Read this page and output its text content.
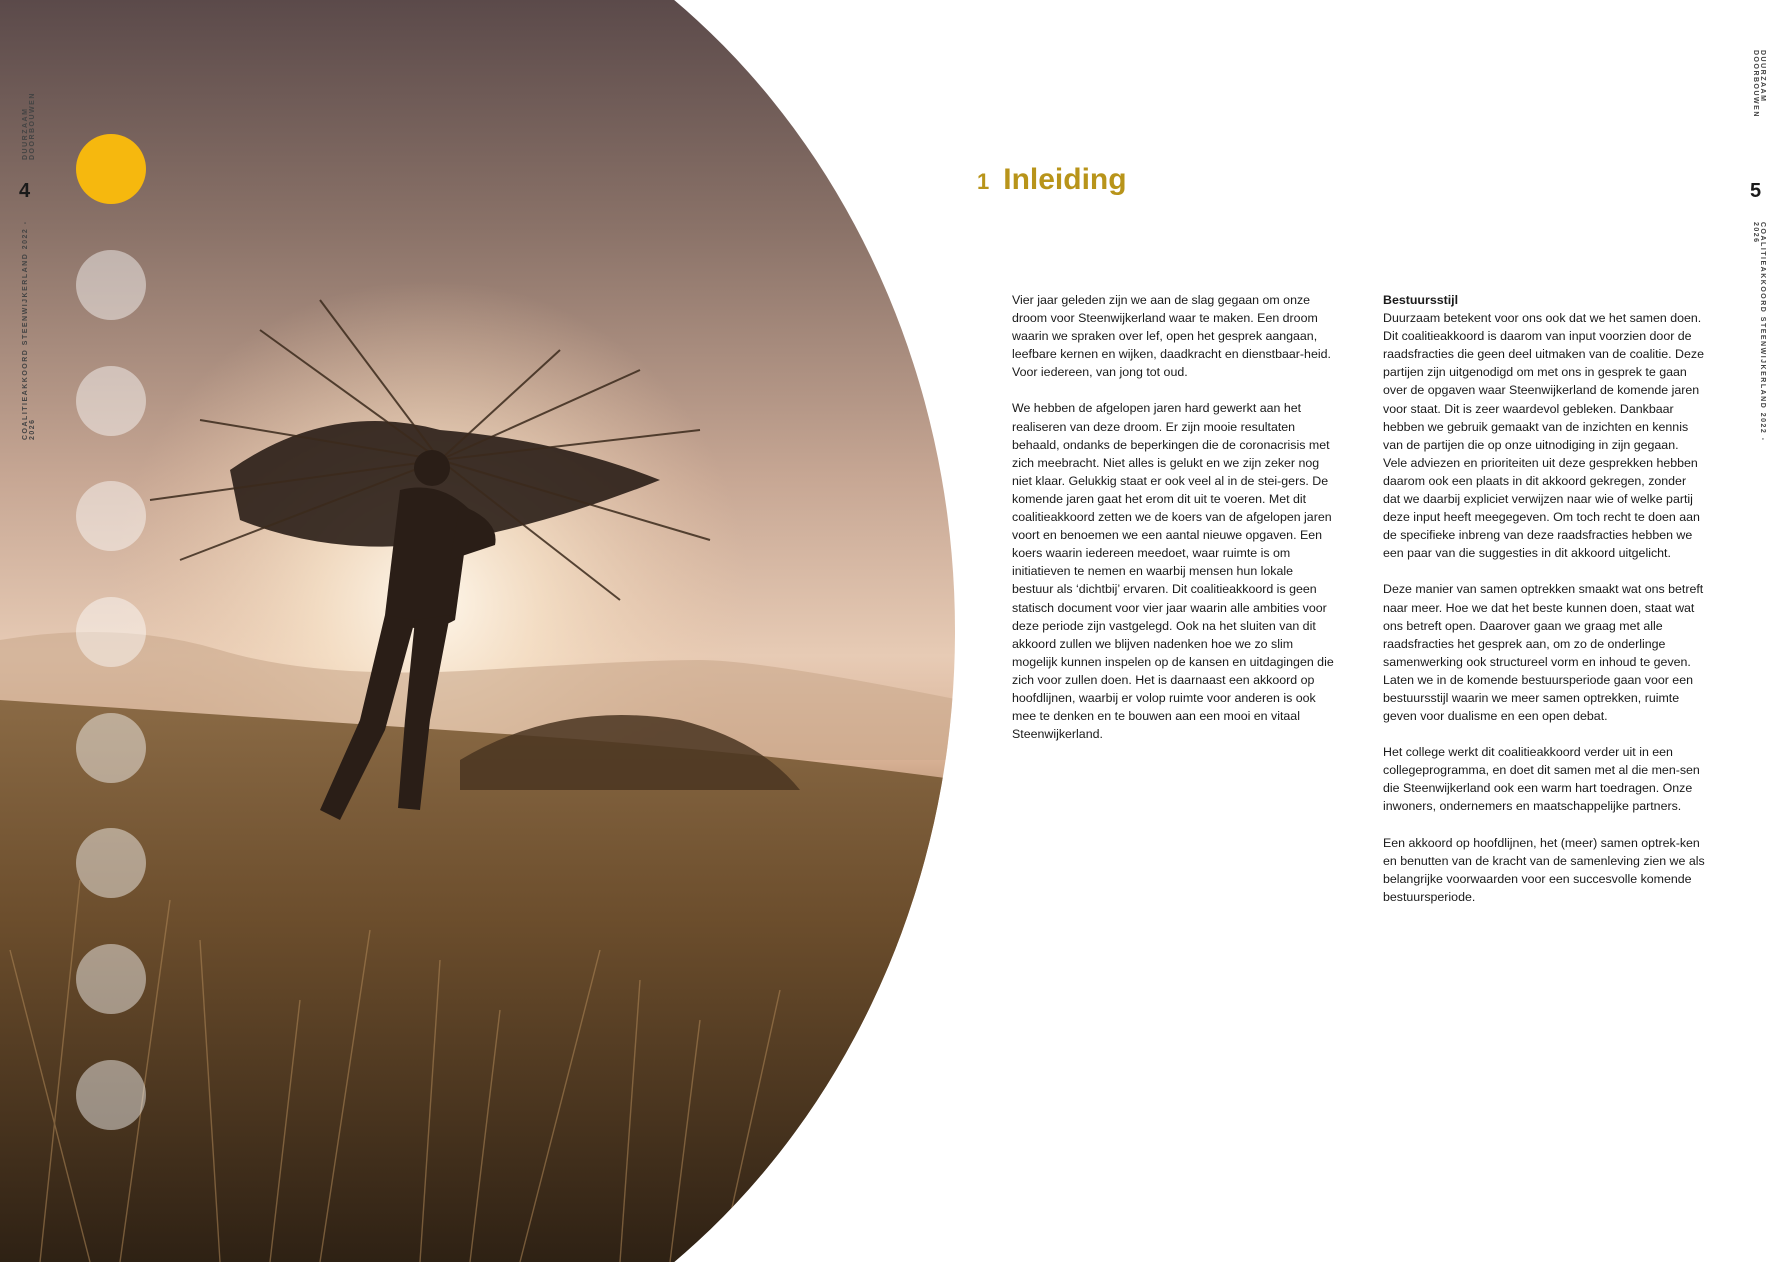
DUURZAAM DOORBOUWEN
4
COALITIEAKKOORD STEENWIJKERLAND 2022 - 2026
1 Inleiding

Vier jaar geleden zijn we aan de slag gegaan om onze droom voor Steenwijkerland waar te maken. Een droom waarin we spraken over lef, open het gesprek aangaan, leefbare kernen en wijken, daadkracht en dienstbaar-heid. Voor iedereen, van jong tot oud.

We hebben de afgelopen jaren hard gewerkt aan het realiseren van deze droom. Er zijn mooie resultaten behaald, ondanks de beperkingen die de coronacrisis met zich meebracht. Niet alles is gelukt en we zijn zeker nog niet klaar. Gelukkig staat er ook veel al in de stei-gers. De komende jaren gaat het erom dit uit te voeren. Met dit coalitieakkoord zetten we de koers van de afgelopen jaren voort en benoemen we een aantal nieuwe opgaven. Een koers waarin iedereen meedoet, waar ruimte is om initiatieven te nemen en waarbij mensen hun lokale bestuur als ‘dichtbij’ ervaren. Dit coalitieakkoord is geen statisch document voor vier jaar waarin alle ambities voor deze periode zijn vastgelegd. Ook na het sluiten van dit akkoord zullen we blijven nadenken hoe we zo slim mogelijk kunnen inspelen op de kansen en uitdagingen die zich voor zullen doen. Het is daarnaast een akkoord op hoofdlijnen, waarbij er volop ruimte voor anderen is ook mee te denken en te bouwen aan een mooi en vitaal Steenwijkerland.

Bestuursstijl

Duurzaam betekent voor ons ook dat we het samen doen. Dit coalitieakkoord is daarom van input voorzien door de raadsfracties die geen deel uitmaken van de coalitie. Deze partijen zijn uitgenodigd om met ons in gesprek te gaan over de opgaven waar Steenwijkerland de komende jaren voor staat. Dit is zeer waardevol gebleken. Dankbaar hebben we gebruik gemaakt van de inzichten en kennis van de partijen die op onze uitnodiging in zijn gegaan. Vele adviezen en prioriteiten uit deze gesprekken hebben daarom ook een plaats in dit akkoord gekregen, zonder dat we daarbij expliciet verwijzen naar wie of welke partij deze input heeft meegegeven. Om toch recht te doen aan de specifieke inbreng van deze raadsfracties hebben we een paar van die suggesties in dit akkoord uitgelicht.

Deze manier van samen optrekken smaakt wat ons betreft naar meer. Hoe we dat het beste kunnen doen, staat wat ons betreft open. Daarover gaan we graag met alle raadsfracties het gesprek aan, om zo de onderlinge samenwerking ook structureel vorm en inhoud te geven. Laten we in de komende bestuursperiode gaan voor een bestuursstijl waarin we meer samen optrekken, ruimte geven voor dualisme en een open debat.

Het college werkt dit coalitieakkoord verder uit in een collegeprogramma, en doet dit samen met al die men-sen die Steenwijkerland ook een warm hart toedragen. Onze inwoners, ondernemers en maatschappelijke partners.

Een akkoord op hoofdlijnen, het (meer) samen optrek-ken en benutten van de kracht van de samenleving zien we als belangrijke voorwaarden voor een succesvolle komende bestuursperiode.

DUURZAAM DOORBOUWEN
5
COALITIEAKKOORD STEENWIJKERLAND 2022 - 2026
